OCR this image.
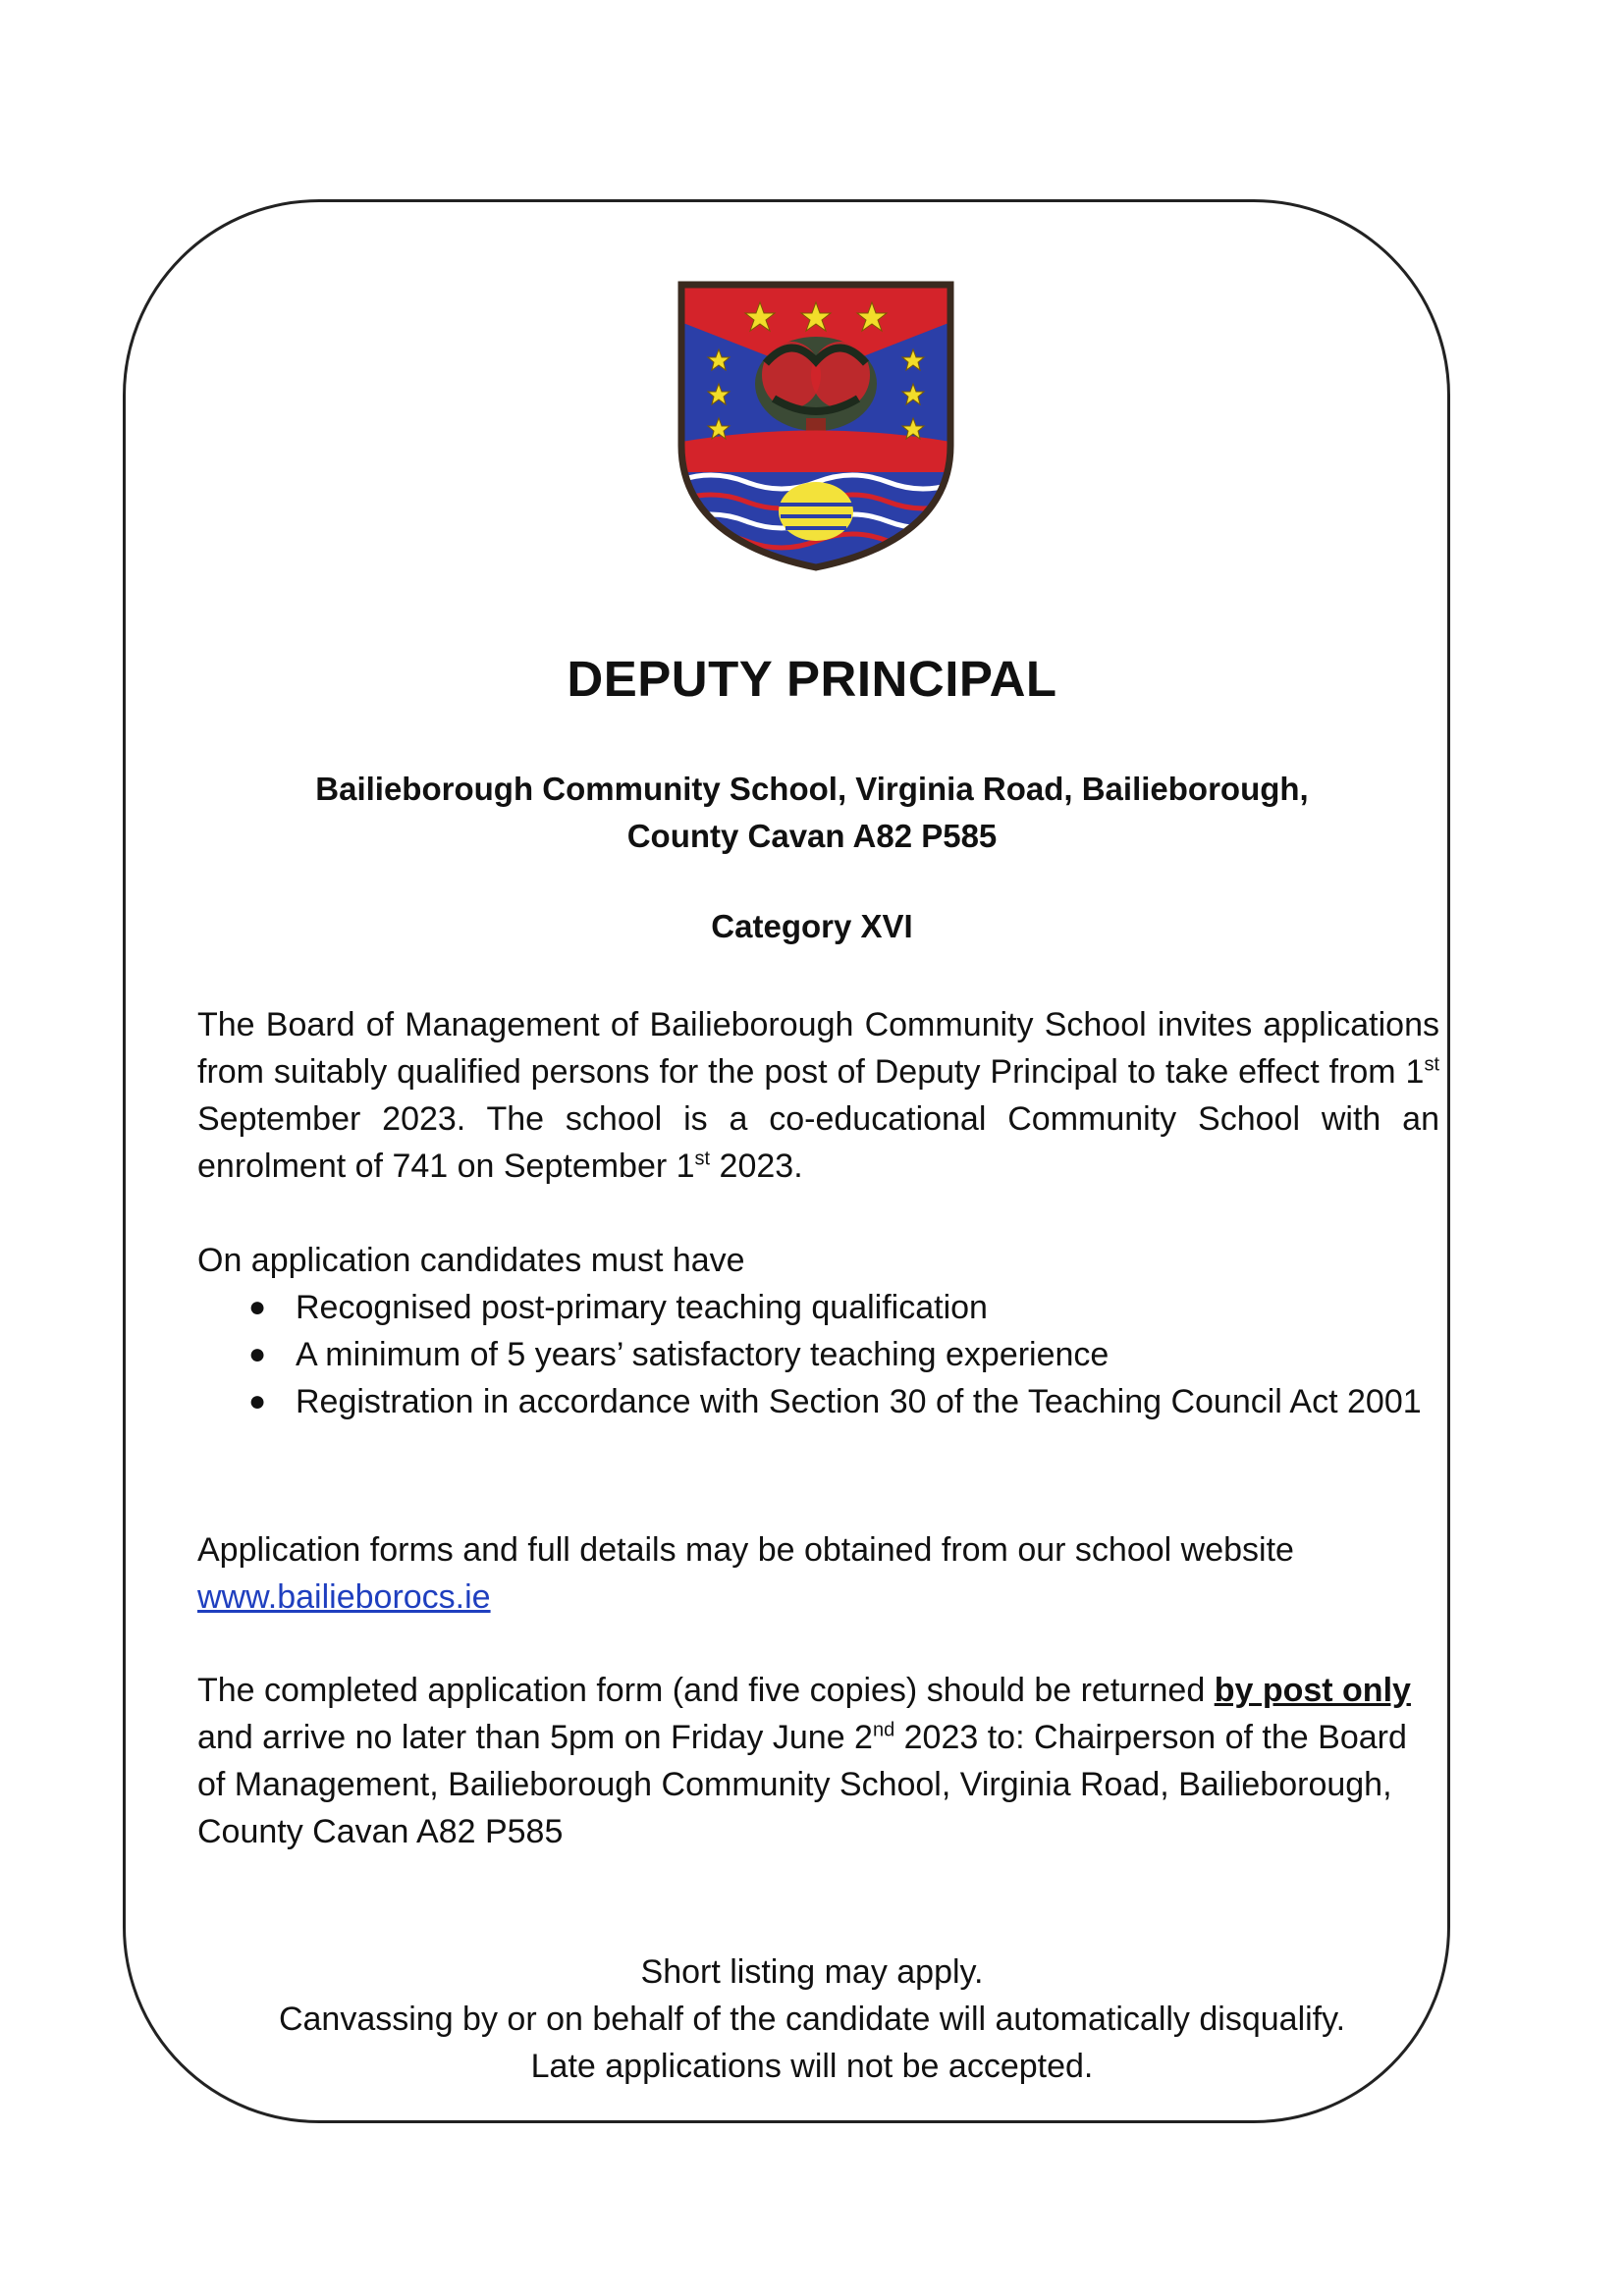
DEPUTY PRINCIPAL
Bailieborough Community School, Virginia Road, Bailieborough,
County Cavan A82 P585
Category XVI

The Board of Management of Bailieborough Community School invites applications from suitably qualified persons for the post of Deputy Principal to take effect from 1st September 2023. The school is a co-educational Community School with an enrolment of 741 on September 1st 2023.

On application candidates must have

● Recognised post-primary teaching qualification
● A minimum of 5 years’ satisfactory teaching experience
● Registration in accordance with Section 30 of the Teaching Council Act 2001

Application forms and full details may be obtained from our school website

www.bailieborocs.ie

The completed application form (and five copies) should be returned by post only and arrive no later than 5pm on Friday June 2nd 2023 to: Chairperson of the Board of Management, Bailieborough Community School, Virginia Road, Bailieborough, County Cavan A82 P585

Short listing may apply.
Canvassing by or on behalf of the candidate will automatically disqualify.
Late applications will not be accepted.
